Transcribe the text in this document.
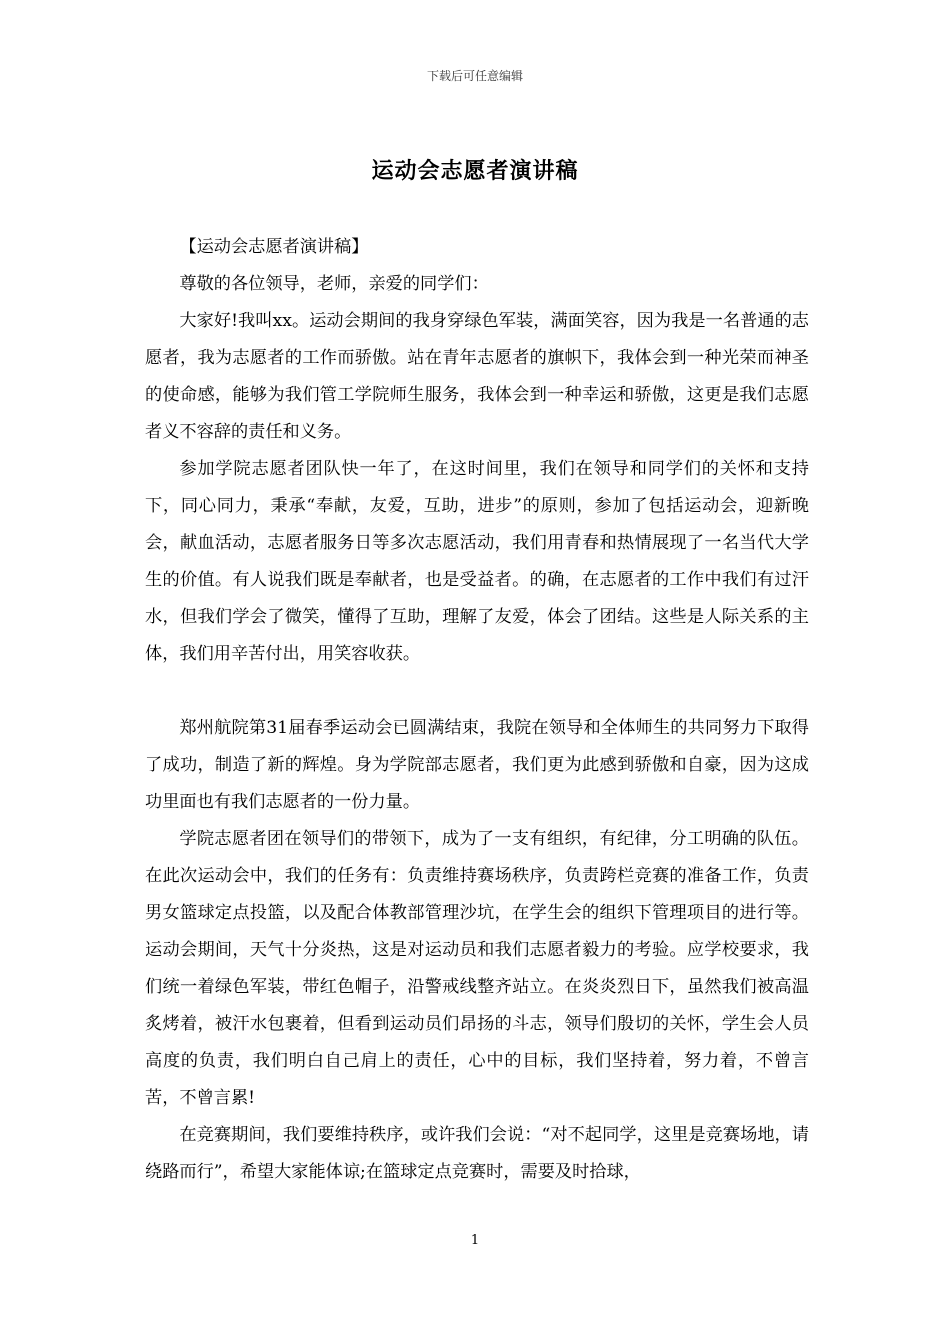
下载后可任意编辑
运动会志愿者演讲稿

【运动会志愿者演讲稿】

尊敬的各位领导，老师，亲爱的同学们：

大家好!我叫xx。运动会期间的我身穿绿色军装，满面笑容，因为我是一名普通的志愿者，我为志愿者的工作而骄傲。站在青年志愿者的旗帜下，我体会到一种光荣而神圣的使命感，能够为我们管工学院师生服务，我体会到一种幸运和骄傲，这更是我们志愿者义不容辞的责任和义务。

参加学院志愿者团队快一年了，在这时间里，我们在领导和同学们的关怀和支持下，同心同力，秉承“奉献，友爱，互助，进步”的原则，参加了包括运动会，迎新晚会，献血活动，志愿者服务日等多次志愿活动，我们用青春和热情展现了一名当代大学生的价值。有人说我们既是奉献者，也是受益者。的确，在志愿者的工作中我们有过汗水，但我们学会了微笑，懂得了互助，理解了友爱，体会了团结。这些是人际关系的主体，我们用辛苦付出，用笑容收获。

郑州航院第31届春季运动会已圆满结束，我院在领导和全体师生的共同努力下取得了成功，制造了新的辉煌。身为学院部志愿者，我们更为此感到骄傲和自豪，因为这成功里面也有我们志愿者的一份力量。

学院志愿者团在领导们的带领下，成为了一支有组织，有纪律，分工明确的队伍。在此次运动会中，我们的任务有：负责维持赛场秩序，负责跨栏竞赛的准备工作，负责男女篮球定点投篮，以及配合体教部管理沙坑，在学生会的组织下管理项目的进行等。运动会期间，天气十分炎热，这是对运动员和我们志愿者毅力的考验。应学校要求，我们统一着绿色军装，带红色帽子，沿警戒线整齐站立。在炎炎烈日下，虽然我们被高温炙烤着，被汗水包裹着，但看到运动员们昂扬的斗志，领导们殷切的关怀，学生会人员高度的负责，我们明白自己肩上的责任，心中的目标，我们坚持着，努力着，不曾言苦，不曾言累!

在竞赛期间，我们要维持秩序，或许我们会说：“对不起同学，这里是竞赛场地，请绕路而行”，希望大家能体谅;在篮球定点竞赛时，需要及时拾球，

1
